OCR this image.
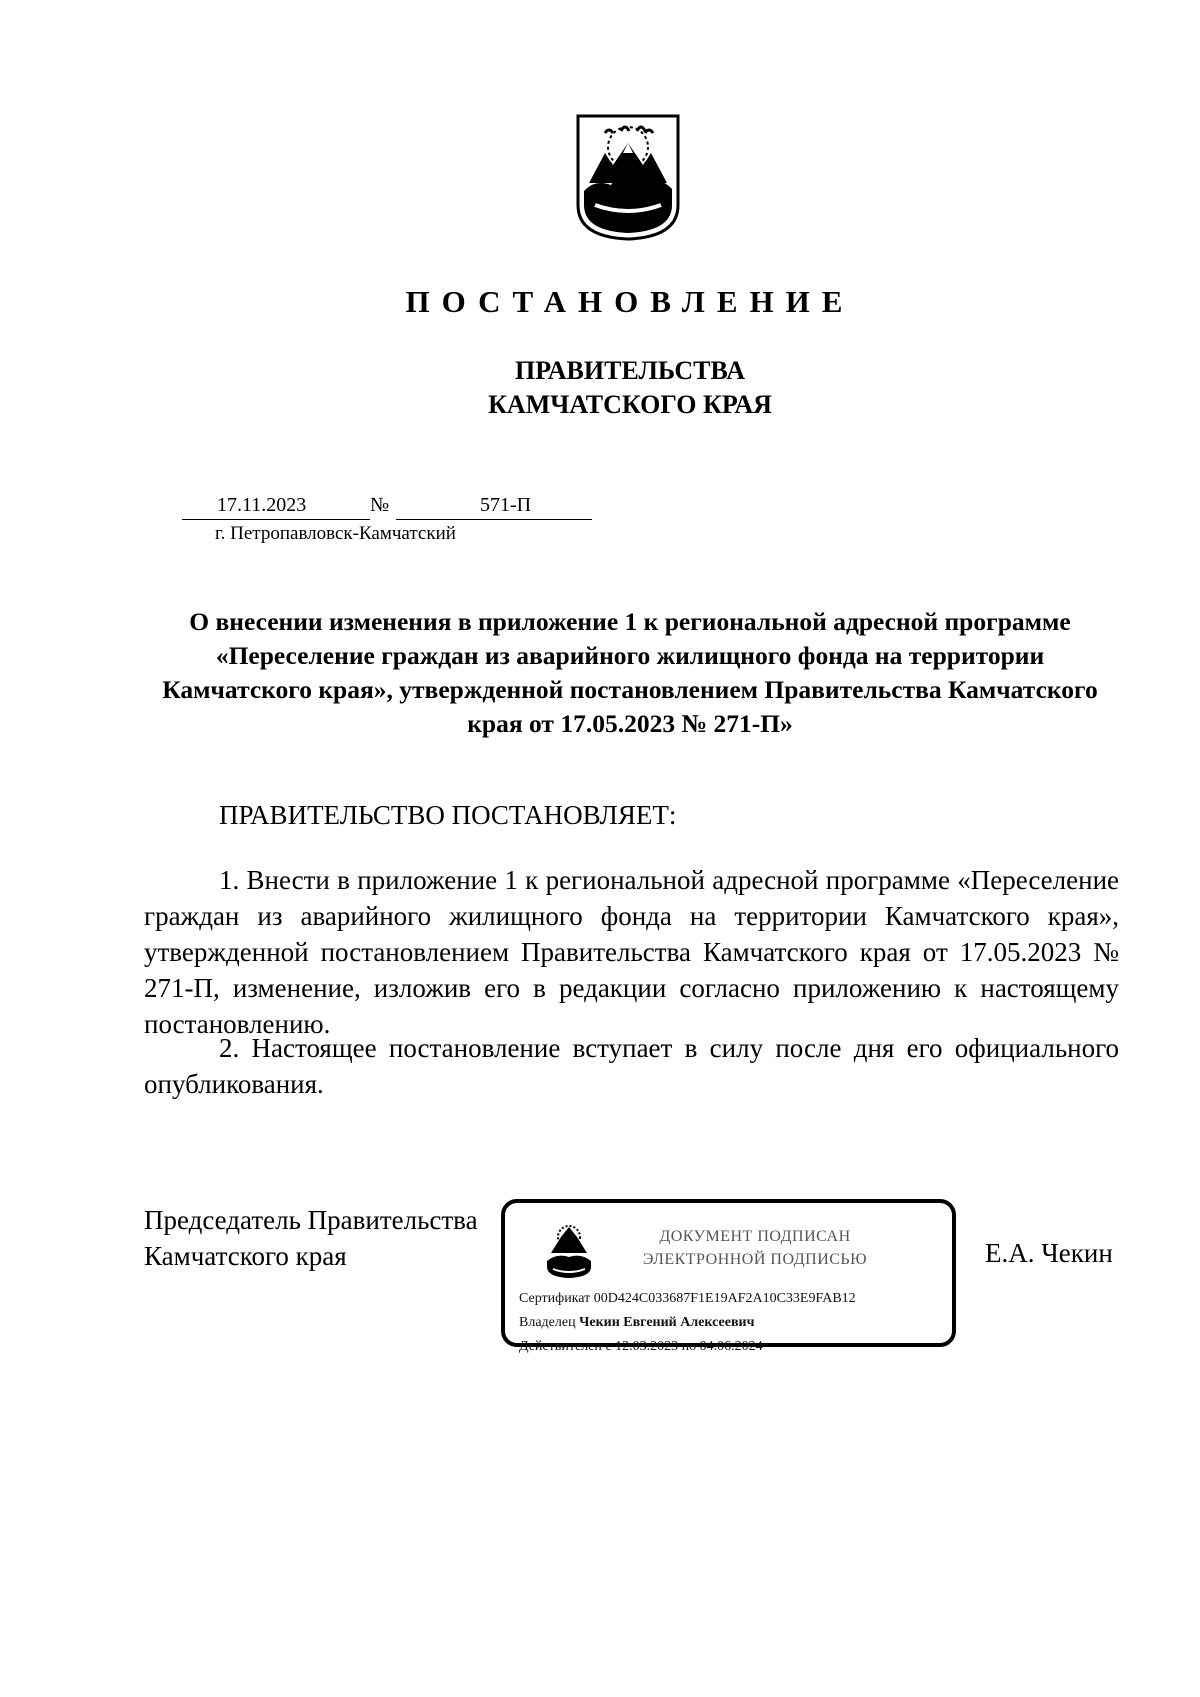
ПОСТАНОВЛЕНИЕ
ПРАВИТЕЛЬСТВА
КАМЧАТСКОГО КРАЯ
17.11.2023	№	571-П
г. Петропавловск-Камчатский
О внесении изменения в приложение 1 к региональной адресной программе «Переселение граждан из аварийного жилищного фонда на территории Камчатского края», утвержденной постановлением Правительства Камчатского края от 17.05.2023 № 271-П»
ПРАВИТЕЛЬСТВО ПОСТАНОВЛЯЕТ:
1. Внести в приложение 1 к региональной адресной программе «Переселение граждан из аварийного жилищного фонда на территории Камчатского края», утвержденной постановлением Правительства Камчатского края от 17.05.2023 № 271-П, изменение, изложив его в редакции согласно приложению к настоящему постановлению.
2. Настоящее постановление вступает в силу после дня его официального опубликования.
Председатель Правительства
Камчатского края
ДОКУМЕНТ ПОДПИСАН
ЭЛЕКТРОННОЙ ПОДПИСЬЮ
Сертификат 00D424C033687F1E19AF2A10C33E9FAB12
Владелец Чекин Евгений Алексеевич
Действителен с 12.03.2023 по 04.06.2024
Е.А. Чекин
